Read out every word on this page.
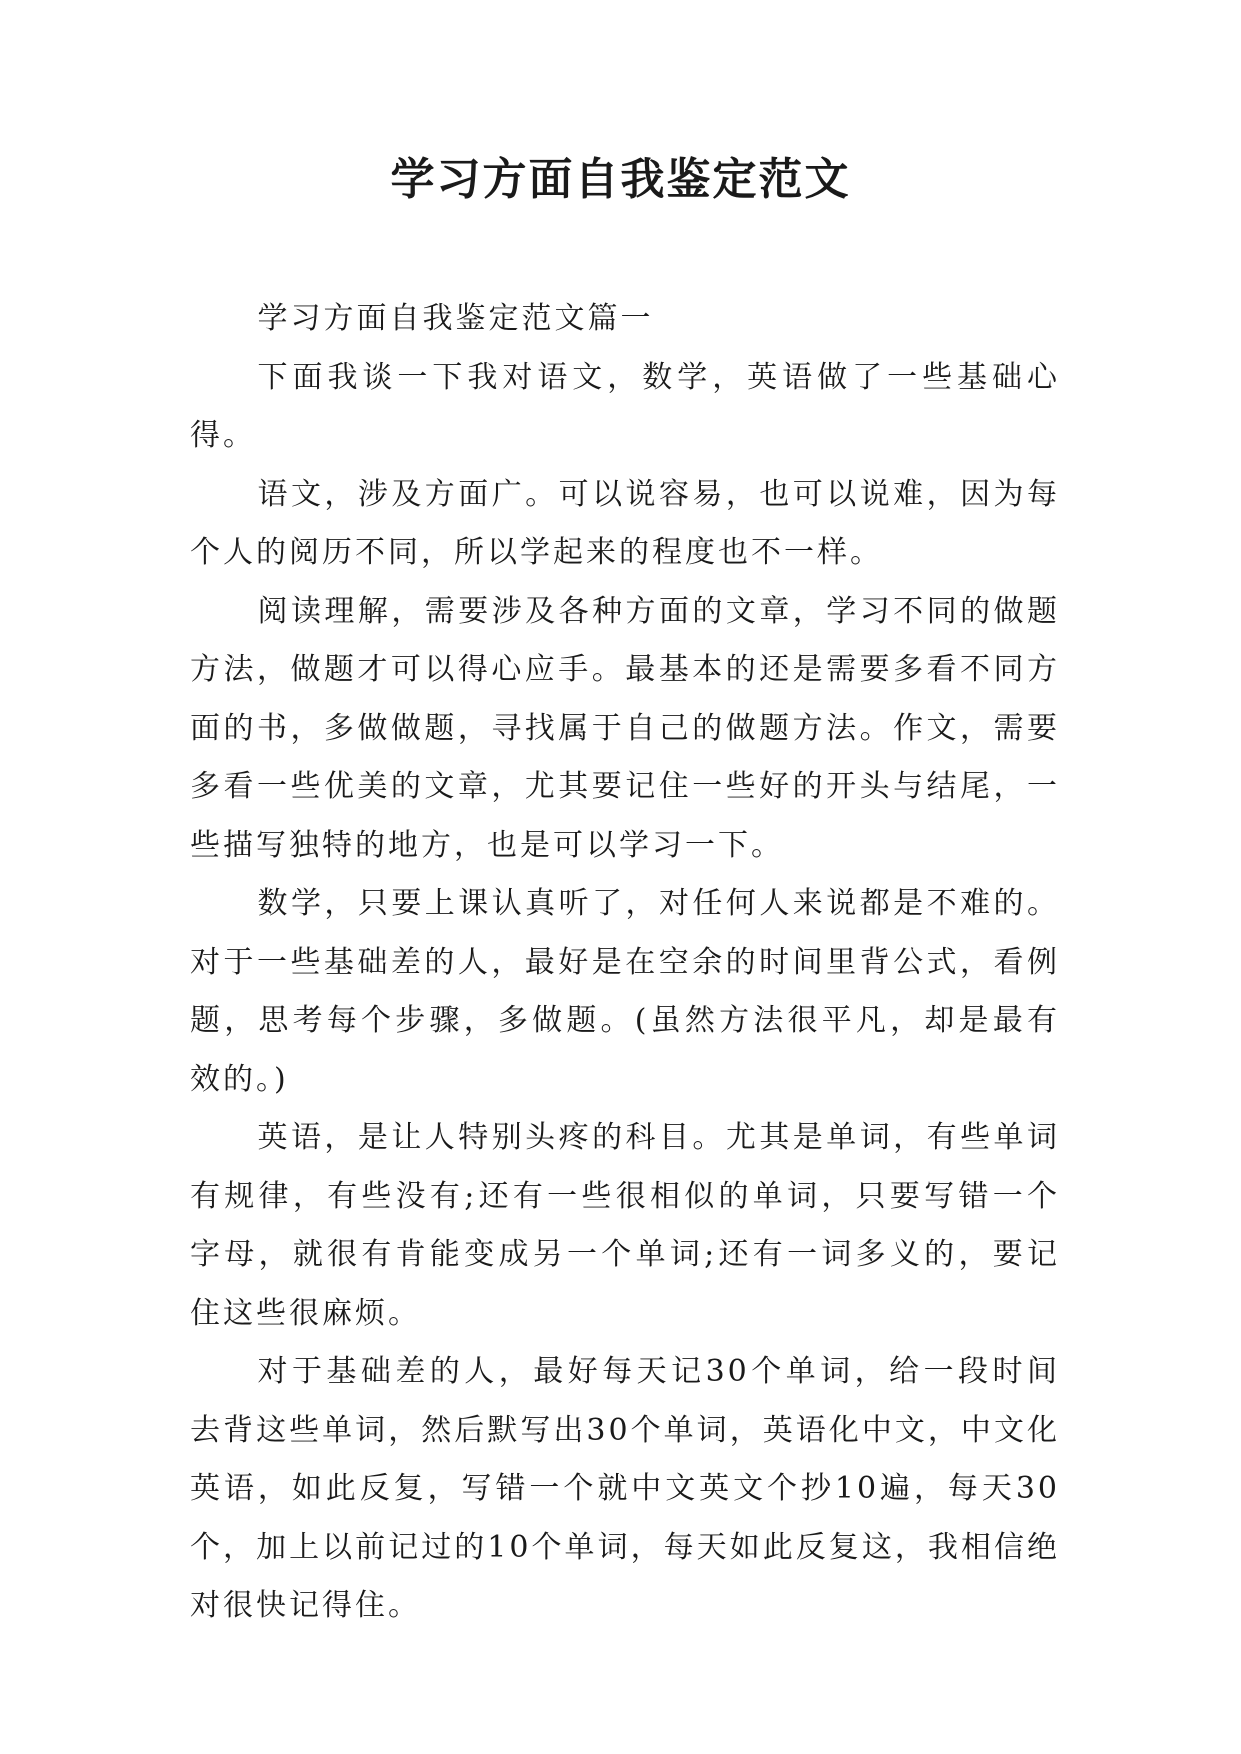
学习方面自我鉴定范文

学习方面自我鉴定范文篇一

下面我谈一下我对语文，数学，英语做了一些基础心得。

语文，涉及方面广。可以说容易，也可以说难，因为每个人的阅历不同，所以学起来的程度也不一样。

阅读理解，需要涉及各种方面的文章，学习不同的做题方法，做题才可以得心应手。最基本的还是需要多看不同方面的书，多做做题，寻找属于自己的做题方法。作文，需要多看一些优美的文章，尤其要记住一些好的开头与结尾，一些描写独特的地方，也是可以学习一下。

数学，只要上课认真听了，对任何人来说都是不难的。对于一些基础差的人，最好是在空余的时间里背公式，看例题，思考每个步骤，多做题。(虽然方法很平凡，却是最有效的。)

英语，是让人特别头疼的科目。尤其是单词，有些单词有规律，有些没有;还有一些很相似的单词，只要写错一个字母，就很有肯能变成另一个单词;还有一词多义的，要记住这些很麻烦。

对于基础差的人，最好每天记30个单词，给一段时间去背这些单词，然后默写出30个单词，英语化中文，中文化英语，如此反复，写错一个就中文英文个抄10遍，每天30个，加上以前记过的10个单词，每天如此反复这，我相信绝对很快记得住。
